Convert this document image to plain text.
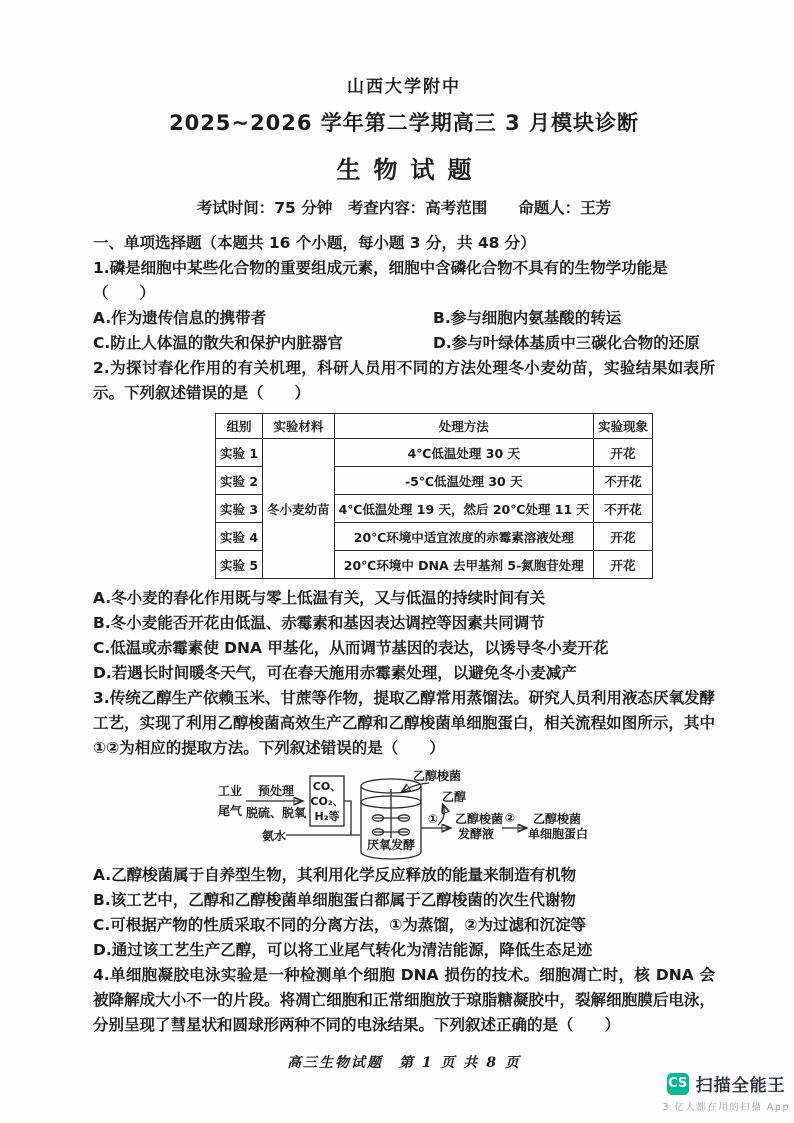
山西大学附中
2025~2026 学年第二学期高三 3 月模块诊断
生物试题
考试时间：75 分钟　考查内容：高考范围　　命题人：王芳

一、单项选择题（本题共 16 个小题，每小题 3 分，共 48 分）

1.磷是细胞中某些化合物的重要组成元素，细胞中含磷化合物不具有的生物学功能是

（　　）

A.作为遗传信息的携带者	B.参与细胞内氨基酸的转运
C.防止人体温的散失和保护内脏器官	D.参与叶绿体基质中三碳化合物的还原

2.为探讨春化作用的有关机理，科研人员用不同的方法处理冬小麦幼苗，实验结果如表所示。下列叙述错误的是（　　）

组别	实验材料	处理方法	实验现象
实验 1	冬小麦幼苗	4℃低温处理 30 天	开花
实验 2		-5℃低温处理 30 天	不开花
实验 3		4℃低温处理 19 天，然后 20℃处理 11 天	不开花
实验 4		20℃环境中适宜浓度的赤霉素溶液处理	开花
实验 5		20℃环境中 DNA 去甲基剂 5-氮胞苷处理	开花

A.冬小麦的春化作用既与零上低温有关，又与低温的持续时间有关

B.冬小麦能否开花由低温、赤霉素和基因表达调控等因素共同调节

C.低温或赤霉素使 DNA 甲基化，从而调节基因的表达，以诱导冬小麦开花

D.若遇长时间暖冬天气，可在春天施用赤霉素处理，以避免冬小麦减产

3.传统乙醇生产依赖玉米、甘蔗等作物，提取乙醇常用蒸馏法。研究人员利用液态厌氧发酵工艺，实现了利用乙醇梭菌高效生产乙醇和乙醇梭菌单细胞蛋白，相关流程如图所示，其中①②为相应的提取方法。下列叙述错误的是（　　）

工业
尾气
预处理
脱硫、脱氧
CO、
CO₂、
H₂等
氨水
厌氧发酵
乙醇梭菌
①
乙醇
乙醇梭菌
发酵液
② 乙醇梭菌
单细胞蛋白

A.乙醇梭菌属于自养型生物，其利用化学反应释放的能量来制造有机物

B.该工艺中，乙醇和乙醇梭菌单细胞蛋白都属于乙醇梭菌的次生代谢物

C.可根据产物的性质采取不同的分离方法，①为蒸馏，②为过滤和沉淀等

D.通过该工艺生产乙醇，可以将工业尾气转化为清洁能源，降低生态足迹

4.单细胞凝胶电泳实验是一种检测单个细胞 DNA 损伤的技术。细胞凋亡时，核 DNA 会被降解成大小不一的片段。将凋亡细胞和正常细胞放于琼脂糖凝胶中，裂解细胞膜后电泳，分别呈现了彗星状和圆球形两种不同的电泳结果。下列叙述正确的是（　　）

高三生物试题　第 1 页 共 8 页
CS 扫描全能王
3 亿人都在用的扫描 App
